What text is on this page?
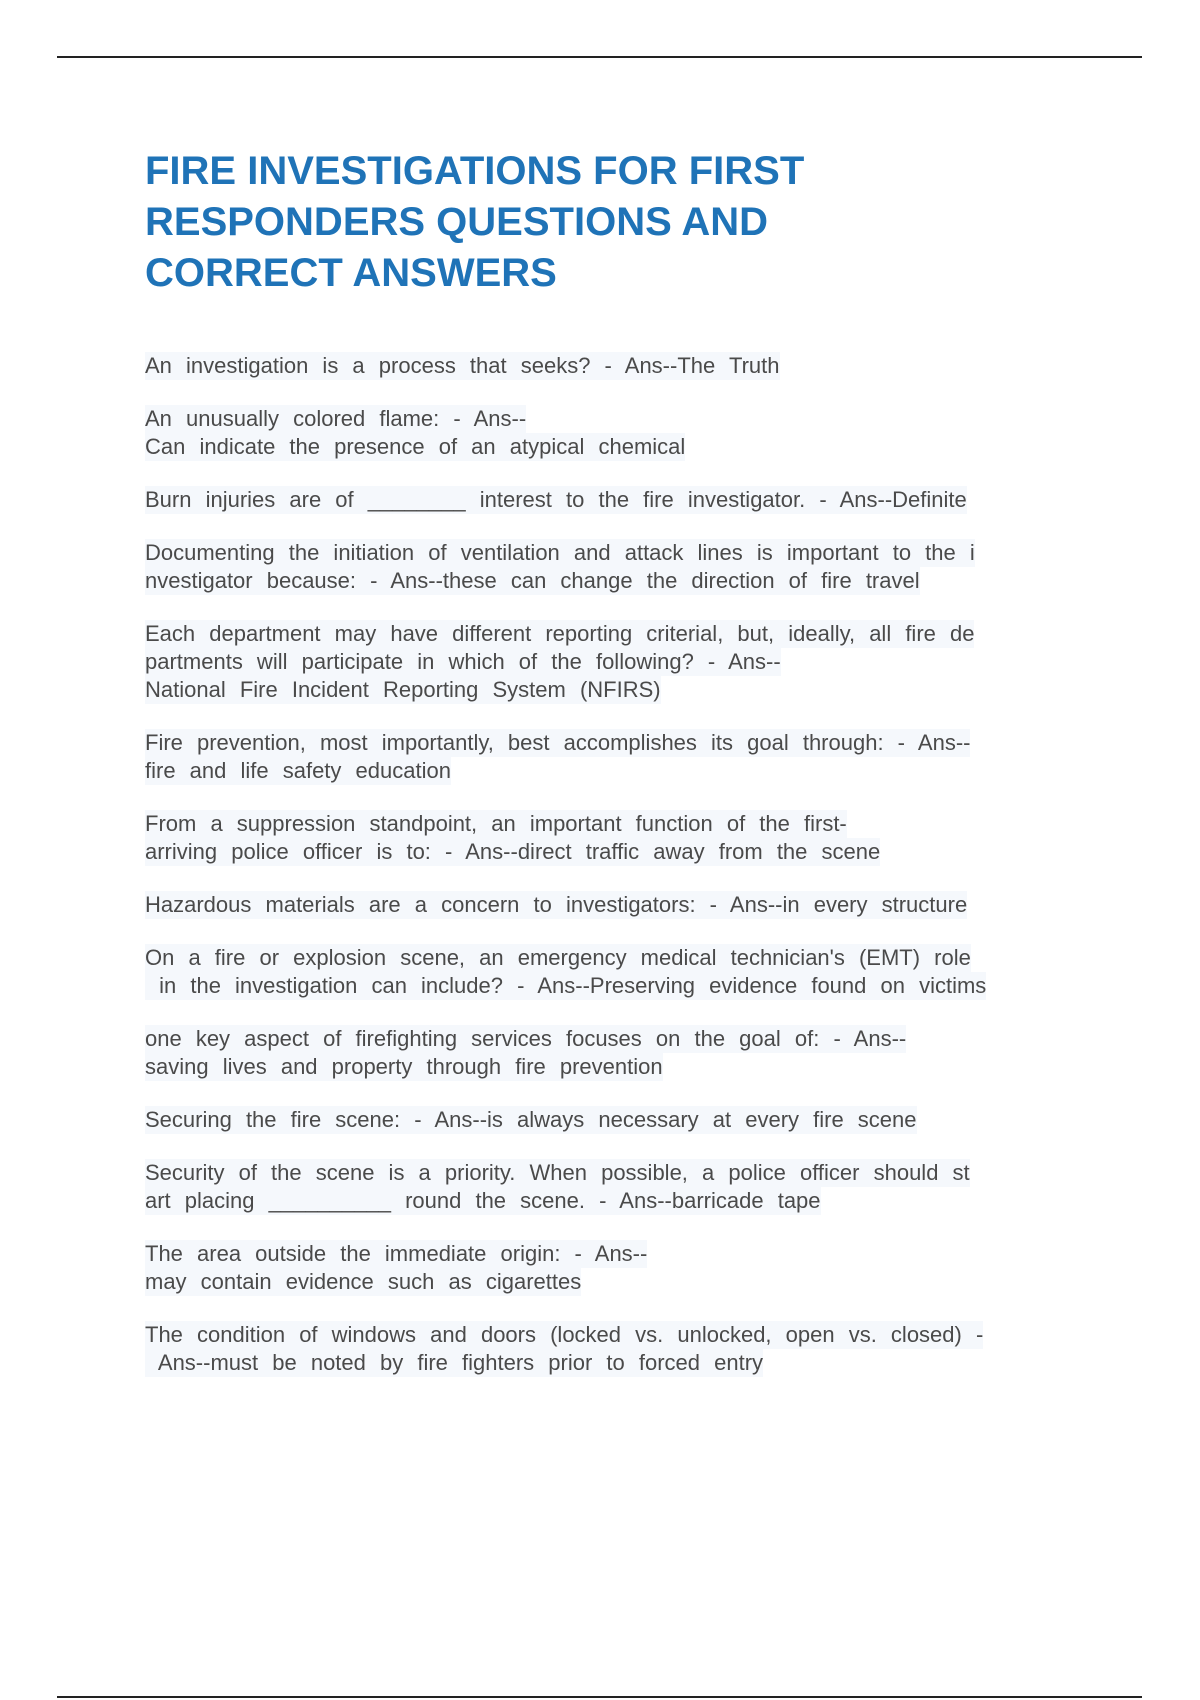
FIRE INVESTIGATIONS FOR FIRST
RESPONDERS QUESTIONS AND
CORRECT ANSWERS
An investigation is a process that seeks? - Ans--The Truth
An unusually colored flame: - Ans--
Can indicate the presence of an atypical chemical
Burn injuries are of ________ interest to the fire investigator. - Ans--Definite
Documenting the initiation of ventilation and attack lines is important to the i
nvestigator because: - Ans--these can change the direction of fire travel
Each department may have different reporting criterial, but, ideally, all fire de
partments will participate in which of the following? - Ans--
National Fire Incident Reporting System (NFIRS)
Fire prevention, most importantly, best accomplishes its goal through: - Ans--
fire and life safety education
From a suppression standpoint, an important function of the first-
arriving police officer is to: - Ans--direct traffic away from the scene
Hazardous materials are a concern to investigators: - Ans--in every structure
On a fire or explosion scene, an emergency medical technician's (EMT) role
in the investigation can include? - Ans--Preserving evidence found on victims
one key aspect of firefighting services focuses on the goal of: - Ans--
saving lives and property through fire prevention
Securing the fire scene: - Ans--is always necessary at every fire scene
Security of the scene is a priority. When possible, a police officer should st
art placing __________ round the scene. - Ans--barricade tape
The area outside the immediate origin: - Ans--
may contain evidence such as cigarettes
The condition of windows and doors (locked vs. unlocked, open vs. closed) -
Ans--must be noted by fire fighters prior to forced entry
